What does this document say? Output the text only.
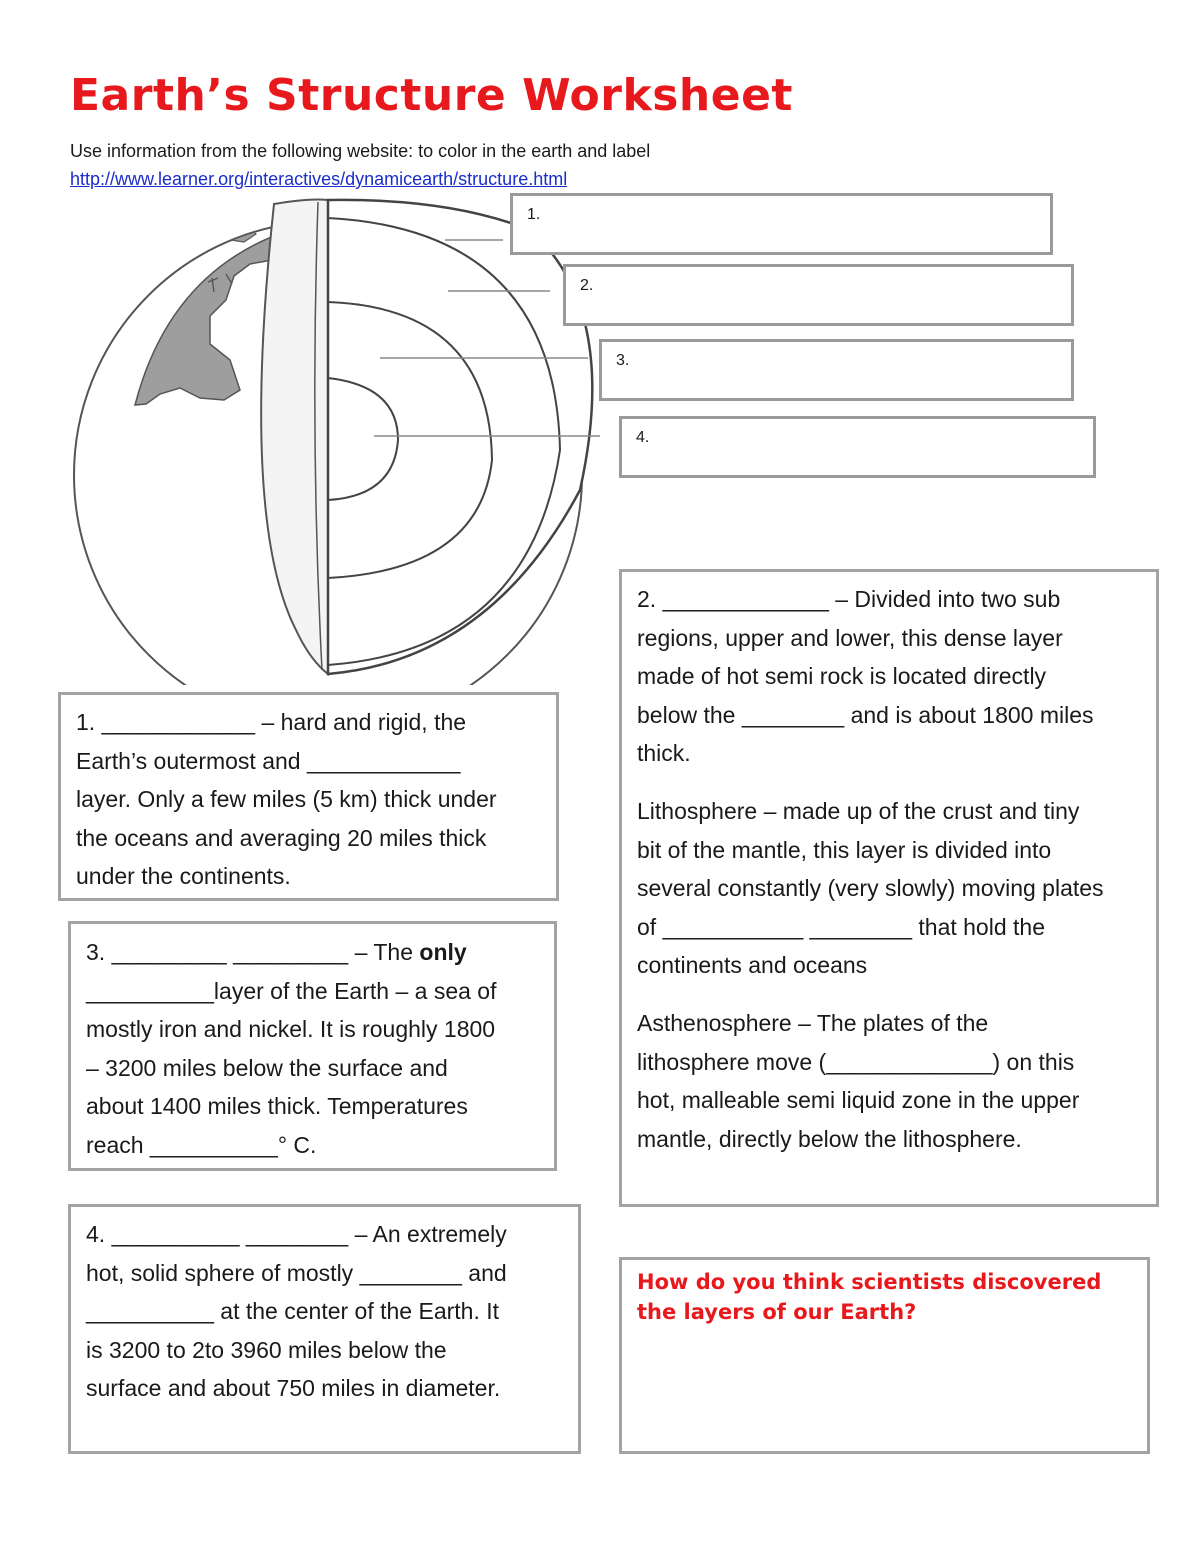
Earth’s Structure Worksheet
Use information from the following website: to color in the earth and label
http://www.learner.org/interactives/dynamicearth/structure.html
1.
2.
3.
4.

1. ____________ – hard and rigid, the

Earth’s outermost and ____________

layer. Only a few miles (5 km) thick under

the oceans and averaging 20 miles thick

under the continents.

3. _________ _________ – The only

__________layer of the Earth – a sea of

mostly iron and nickel. It is roughly 1800

– 3200 miles below the surface and

about 1400 miles thick. Temperatures

reach __________° C.

4. __________ ________ – An extremely

hot, solid sphere of mostly ________ and

__________ at the center of the Earth. It

is 3200 to 2to 3960 miles below the

surface and about 750 miles in diameter.

2. _____________ – Divided into two sub

regions, upper and lower, this dense layer

made of hot semi rock is located directly

below the ________ and is about 1800 miles

thick.

Lithosphere – made up of the crust and tiny

bit of the mantle, this layer is divided into

several constantly (very slowly) moving plates

of ___________ ________ that hold the

continents and oceans

Asthenosphere – The plates of the

lithosphere move (_____________) on this

hot, malleable semi liquid zone in the upper

mantle, directly below the lithosphere.

How do you think scientists discovered
the layers of our Earth?
